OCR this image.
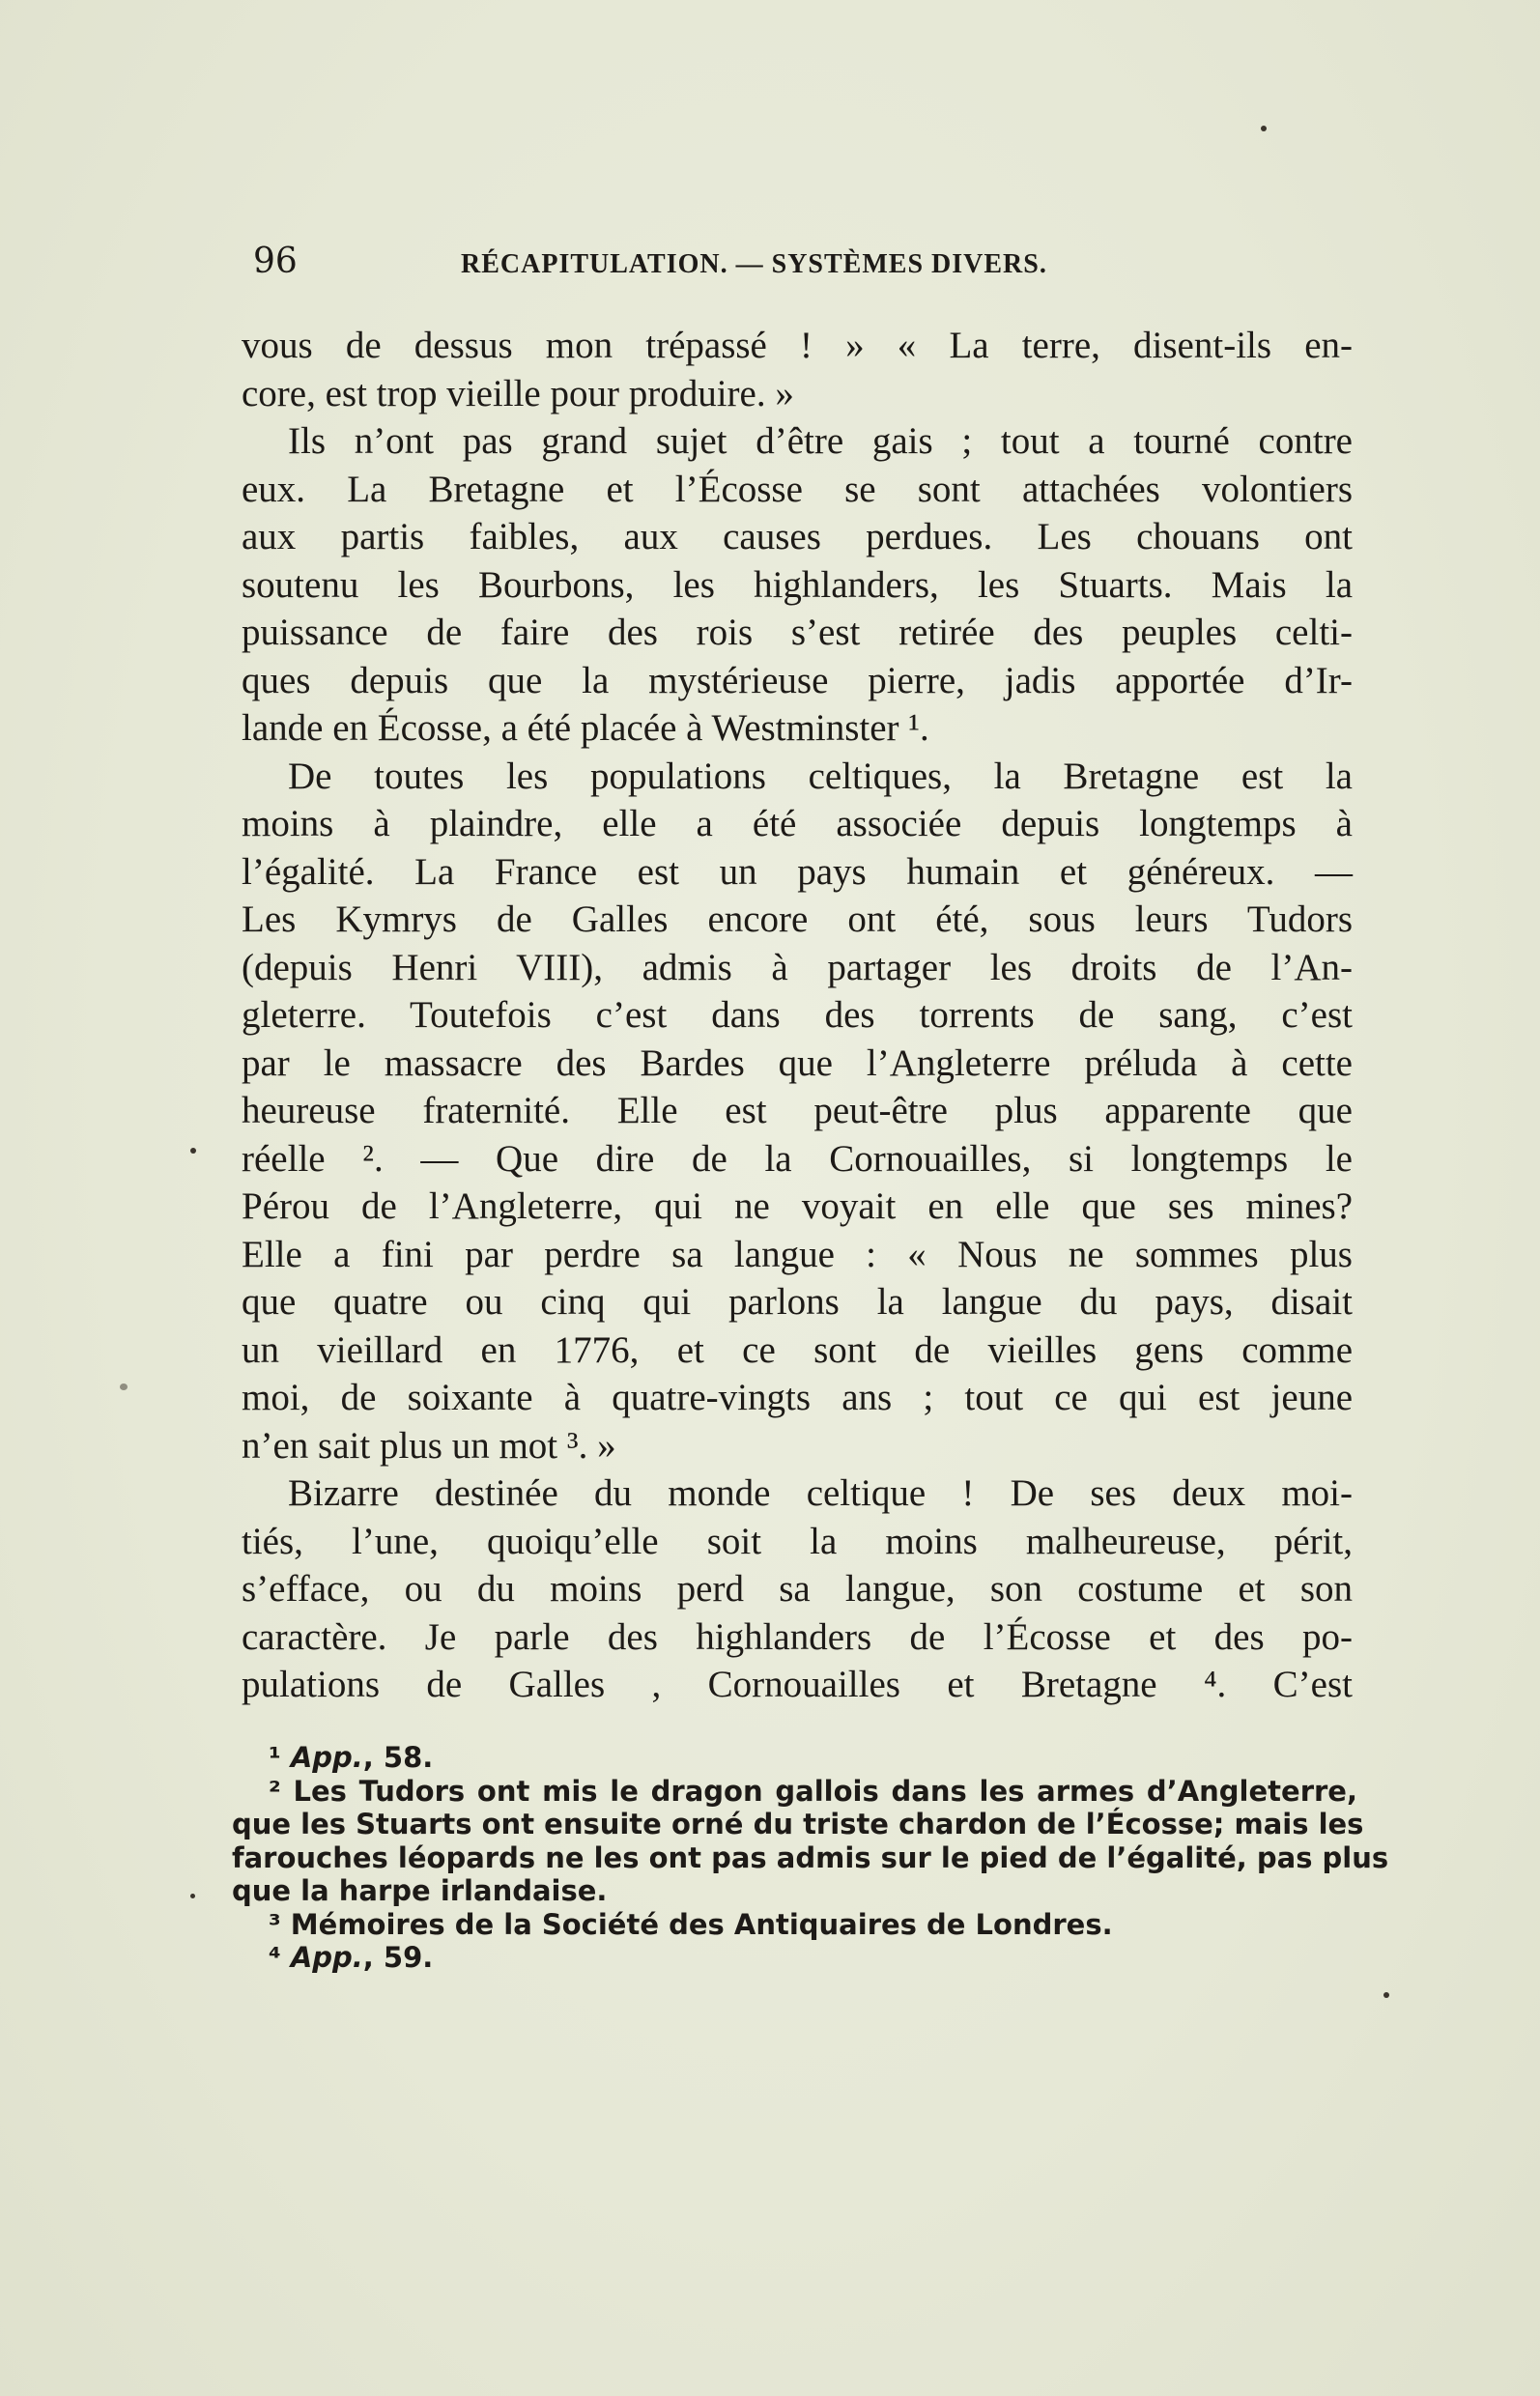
96	RÉCAPITULATION. — SYSTÈMES DIVERS.
vous de dessus mon trépassé ! » « La terre, disent-ils en-
core, est trop vieille pour produire. »
Ils n’ont pas grand sujet d’être gais ; tout a tourné contre
eux. La Bretagne et l’Écosse se sont attachées volontiers
aux partis faibles, aux causes perdues. Les chouans ont
soutenu les Bourbons, les highlanders, les Stuarts. Mais la
puissance de faire des rois s’est retirée des peuples celti-
ques depuis que la mystérieuse pierre, jadis apportée d’Ir-
lande en Écosse, a été placée à Westminster ¹.
De toutes les populations celtiques, la Bretagne est la
moins à plaindre, elle a été associée depuis longtemps à
l’égalité. La France est un pays humain et généreux. —
Les Kymrys de Galles encore ont été, sous leurs Tudors
(depuis Henri VIII), admis à partager les droits de l’An-
gleterre. Toutefois c’est dans des torrents de sang, c’est
par le massacre des Bardes que l’Angleterre préluda à cette
heureuse fraternité. Elle est peut-être plus apparente que
réelle ². — Que dire de la Cornouailles, si longtemps le
Pérou de l’Angleterre, qui ne voyait en elle que ses mines?
Elle a fini par perdre sa langue : « Nous ne sommes plus
que quatre ou cinq qui parlons la langue du pays, disait
un vieillard en 1776, et ce sont de vieilles gens comme
moi, de soixante à quatre-vingts ans ; tout ce qui est jeune
n’en sait plus un mot ³. »
Bizarre destinée du monde celtique ! De ses deux moi-
tiés, l’une, quoiqu’elle soit la moins malheureuse, périt,
s’efface, ou du moins perd sa langue, son costume et son
caractère. Je parle des highlanders de l’Écosse et des po-
pulations de Galles , Cornouailles et Bretagne ⁴. C’est
¹ App., 58.
² Les Tudors ont mis le dragon gallois dans les armes d’Angleterre,
que les Stuarts ont ensuite orné du triste chardon de l’Écosse; mais les
farouches léopards ne les ont pas admis sur le pied de l’égalité, pas plus
que la harpe irlandaise.
³ Mémoires de la Société des Antiquaires de Londres.
⁴ App., 59.
